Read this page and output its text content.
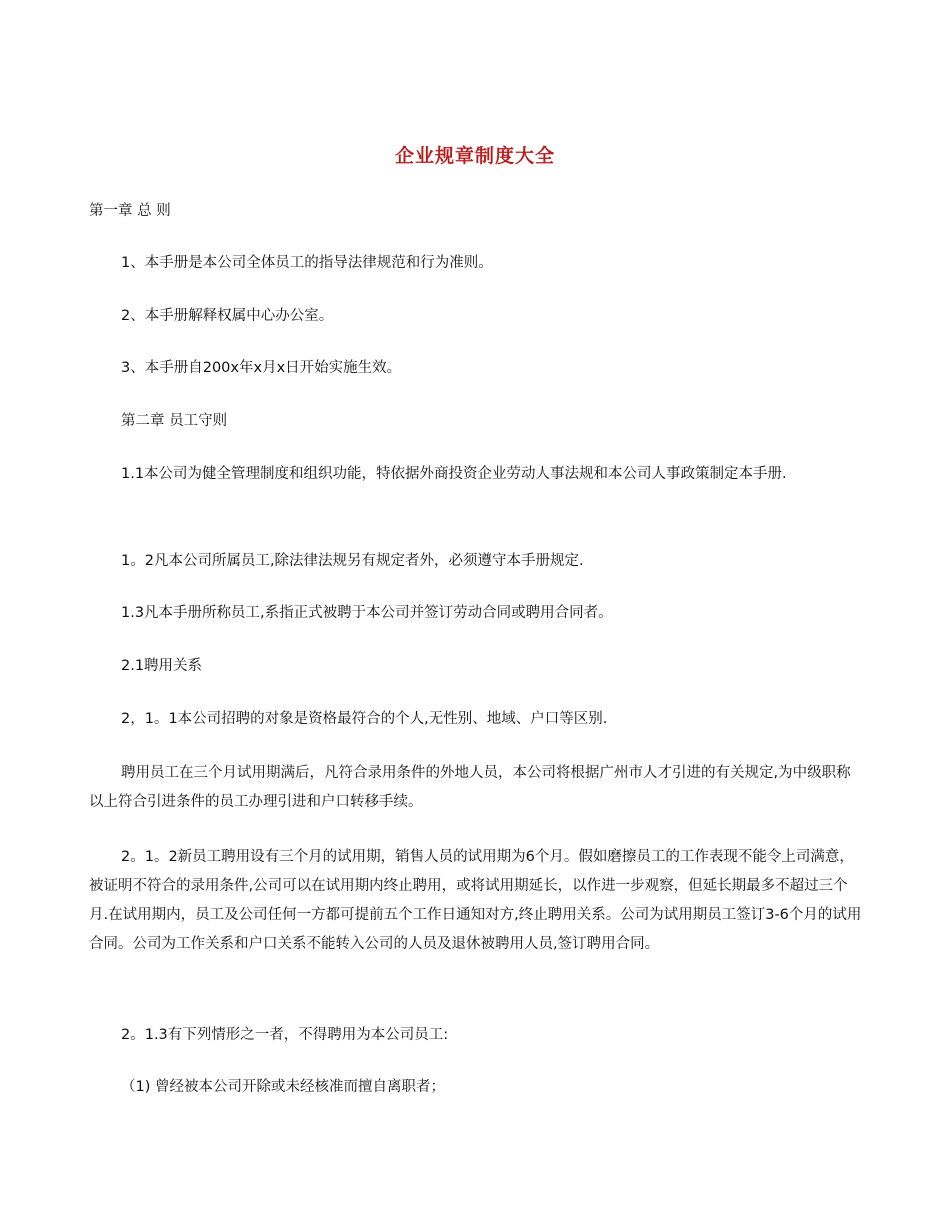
企业规章制度大全
第一章 总 则
1、本手册是本公司全体员工的指导法律规范和行为准则。
2、本手册解释权属中心办公室。
3、本手册自200x年x月x日开始实施生效。
第二章 员工守则
1.1本公司为健全管理制度和组织功能，特依据外商投资企业劳动人事法规和本公司人事政策制定本手册.
1。2凡本公司所属员工,除法律法规另有规定者外，必须遵守本手册规定.
1.3凡本手册所称员工,系指正式被聘于本公司并签订劳动合同或聘用合同者。
2.1聘用关系
2，1。1本公司招聘的对象是资格最符合的个人,无性别、地域、户口等区别.
聘用员工在三个月试用期满后，凡符合录用条件的外地人员，本公司将根据广州市人才引进的有关规定,为中级职称以上符合引进条件的员工办理引进和户口转移手续。
2。1。2新员工聘用设有三个月的试用期，销售人员的试用期为6个月。假如磨擦员工的工作表现不能令上司满意，被证明不符合的录用条件,公司可以在试用期内终止聘用，或将试用期延长，以作进一步观察，但延长期最多不超过三个月.在试用期内，员工及公司任何一方都可提前五个工作日通知对方,终止聘用关系。公司为试用期员工签订3-6个月的试用合同。公司为工作关系和户口关系不能转入公司的人员及退休被聘用人员,签订聘用合同。
2。1.3有下列情形之一者，不得聘用为本公司员工:
（1) 曾经被本公司开除或未经核准而擅自离职者；
